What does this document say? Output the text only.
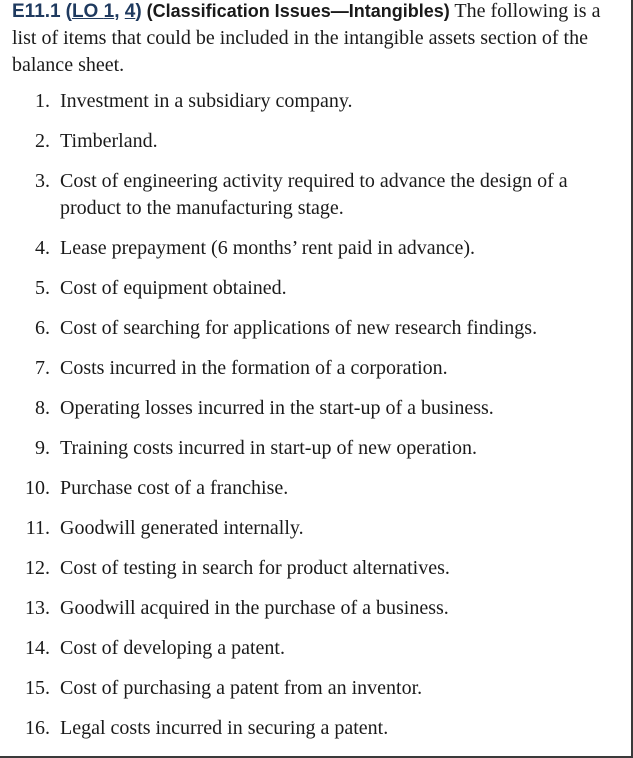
E11.1 (LO 1, 4) (Classification Issues—Intangibles) The following is a list of items that could be included in the intangible assets section of the balance sheet.

1. Investment in a subsidiary company.
2. Timberland.
3. Cost of engineering activity required to advance the design of a product to the manufacturing stage.
4. Lease prepayment (6 months’ rent paid in advance).
5. Cost of equipment obtained.
6. Cost of searching for applications of new research findings.
7. Costs incurred in the formation of a corporation.
8. Operating losses incurred in the start-up of a business.
9. Training costs incurred in start-up of new operation.
10. Purchase cost of a franchise.
11. Goodwill generated internally.
12. Cost of testing in search for product alternatives.
13. Goodwill acquired in the purchase of a business.
14. Cost of developing a patent.
15. Cost of purchasing a patent from an inventor.
16. Legal costs incurred in securing a patent.
